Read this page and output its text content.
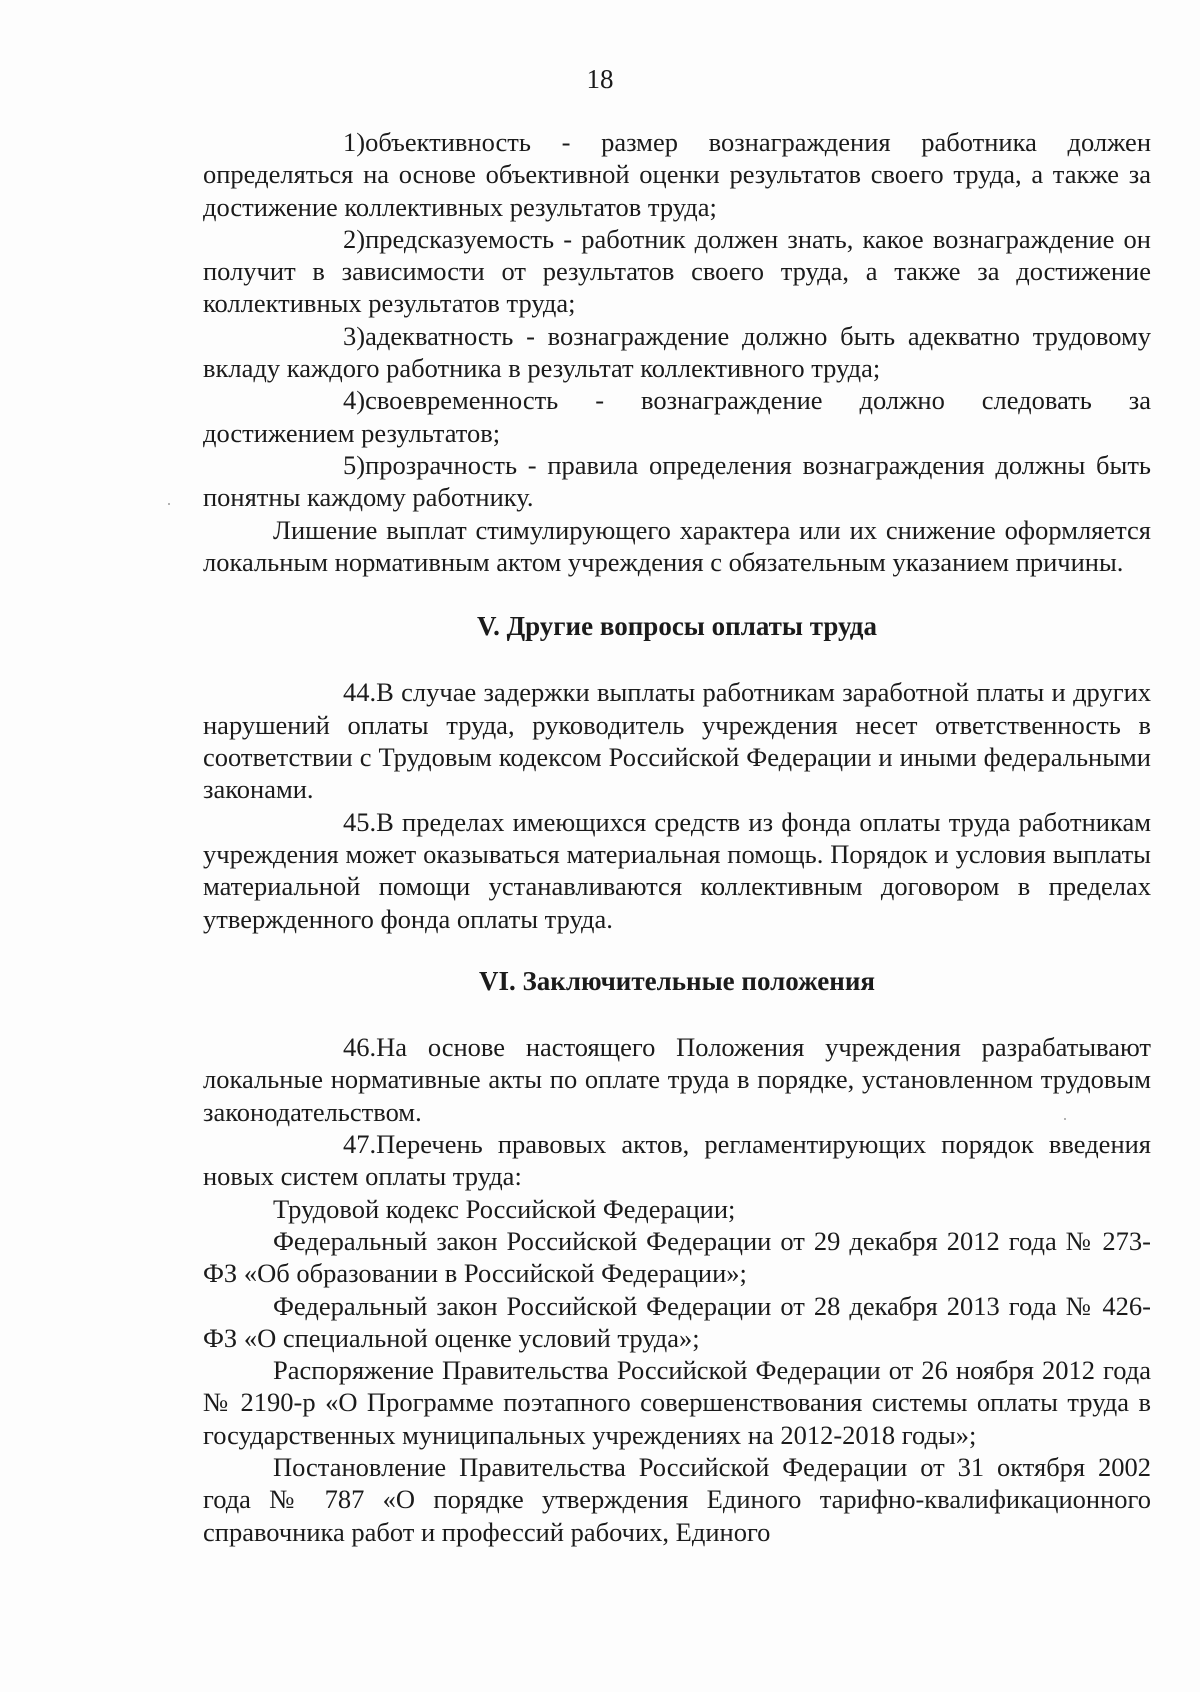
18

1)объективность - размер вознаграждения работника должен определяться на основе объективной оценки результатов своего труда, а также за достижение коллективных результатов труда;

2)предсказуемость - работник должен знать, какое вознаграждение он получит в зависимости от результатов своего труда, а также за достижение коллективных результатов труда;

3)адекватность - вознаграждение должно быть адекватно трудовому вкладу каждого работника в результат коллективного труда;

4)своевременность - вознаграждение должно следовать за достижением результатов;

5)прозрачность - правила определения вознаграждения должны быть понятны каждому работнику.

Лишение выплат стимулирующего характера или их снижение оформляется локальным нормативным актом учреждения с обязательным указанием причины.

V. Другие вопросы оплаты труда

44.В случае задержки выплаты работникам заработной платы и других нарушений оплаты труда, руководитель учреждения несет ответственность в соответствии с Трудовым кодексом Российской Федерации и иными федеральными законами.

45.В пределах имеющихся средств из фонда оплаты труда работникам учреждения может оказываться материальная помощь. Порядок и условия выплаты материальной помощи устанавливаются коллективным договором в пределах утвержденного фонда оплаты труда.

VI. Заключительные положения

46.На основе настоящего Положения учреждения разрабатывают локальные нормативные акты по оплате труда в порядке, установленном трудовым законодательством.

47.Перечень правовых актов, регламентирующих порядок введения новых систем оплаты труда:

Трудовой кодекс Российской Федерации;

Федеральный закон Российской Федерации от 29 декабря 2012 года № 273-ФЗ «Об образовании в Российской Федерации»;

Федеральный закон Российской Федерации от 28 декабря 2013 года № 426-ФЗ «О специальной оценке условий труда»;

Распоряжение Правительства Российской Федерации от 26 ноября 2012 года № 2190-р «О Программе поэтапного совершенствования системы оплаты труда в государственных муниципальных учреждениях на 2012-2018 годы»;

Постановление Правительства Российской Федерации от 31 октября 2002 года № 787 «О порядке утверждения Единого тарифно-квалификационного справочника работ и профессий рабочих, Единого
